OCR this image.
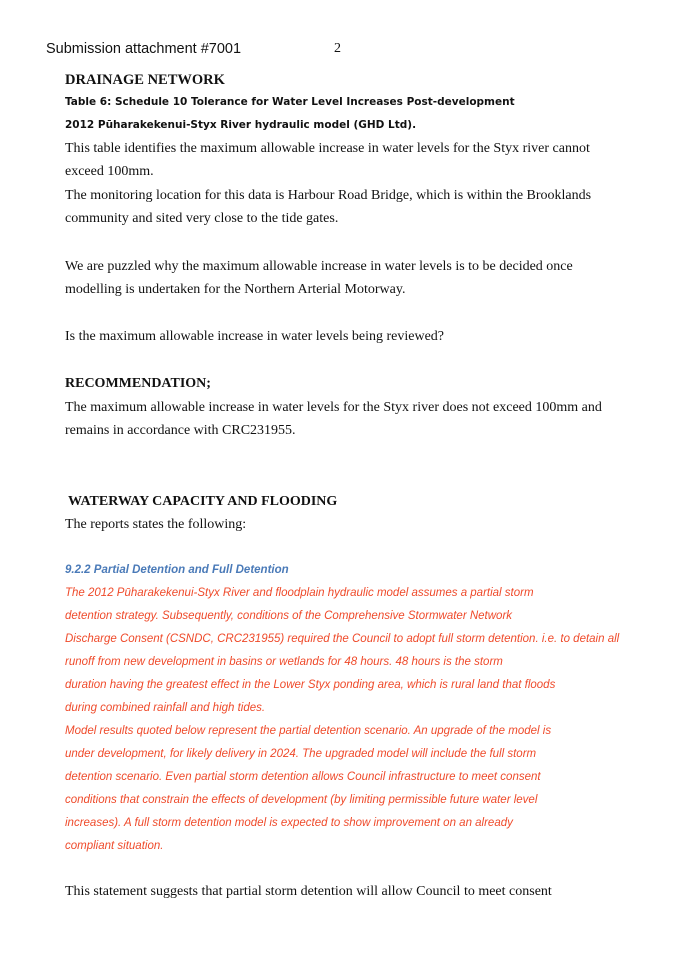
Submission attachment #7001	2
DRAINAGE NETWORK
Table 6: Schedule 10 Tolerance for Water Level Increases Post-development
2012 Pūharakekenui-Styx River hydraulic model (GHD Ltd).
This table identifies the maximum allowable increase in water levels for the Styx river cannot
exceed 100mm.
The monitoring location for this data is Harbour Road Bridge, which is within the Brooklands
community and sited very close to the tide gates.
We are puzzled why the maximum allowable increase in water levels is to be decided once
modelling is undertaken for the Northern Arterial Motorway.
Is the maximum allowable increase in water levels being reviewed?
RECOMMENDATION;
The maximum allowable increase in water levels for the Styx river does not exceed 100mm and
remains in accordance with CRC231955.
WATERWAY CAPACITY AND FLOODING
The reports states the following:
9.2.2 Partial Detention and Full Detention
The 2012 Pūharakekenui-Styx River and floodplain hydraulic model assumes a partial storm
detention strategy. Subsequently, conditions of the Comprehensive Stormwater Network
Discharge Consent (CSNDC, CRC231955) required the Council to adopt full storm detention. i.e. to detain all
runoff from new development in basins or wetlands for 48 hours. 48 hours is the storm
duration having the greatest effect in the Lower Styx ponding area, which is rural land that floods
during combined rainfall and high tides.
Model results quoted below represent the partial detention scenario. An upgrade of the model is
under development, for likely delivery in 2024. The upgraded model will include the full storm
detention scenario. Even partial storm detention allows Council infrastructure to meet consent
conditions that constrain the effects of development (by limiting permissible future water level
increases). A full storm detention model is expected to show improvement on an already
compliant situation.
This statement suggests that partial storm detention will allow Council to meet consent
